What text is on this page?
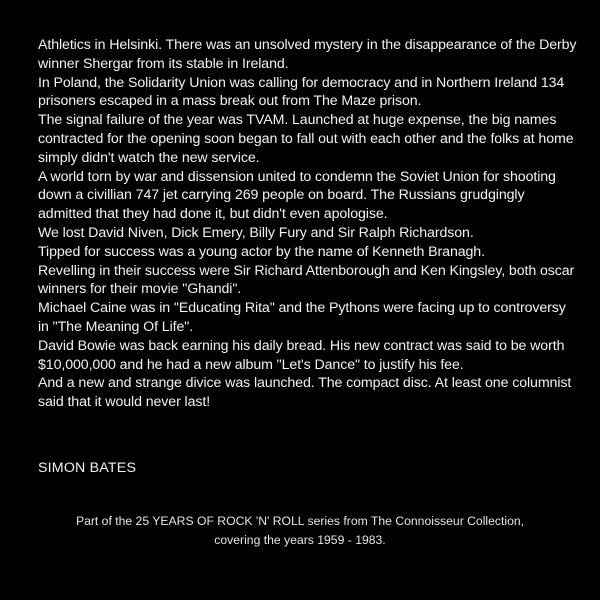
Athletics in Helsinki. There was an unsolved mystery in the disappearance of the Derby winner Shergar from its stable in Ireland.

In Poland, the Solidarity Union was calling for democracy and in Northern Ireland 134 prisoners escaped in a mass break out from The Maze prison.

The signal failure of the year was TVAM. Launched at huge expense, the big names contracted for the opening soon began to fall out with each other and the folks at home simply didn't watch the new service.

A world torn by war and dissension united to condemn the Soviet Union for shooting down a civillian 747 jet carrying 269 people on board. The Russians grudgingly admitted that they had done it, but didn't even apologise.

We lost David Niven, Dick Emery, Billy Fury and Sir Ralph Richardson.

Tipped for success was a young actor by the name of Kenneth Branagh.

Revelling in their success were Sir Richard Attenborough and Ken Kingsley, both oscar winners for their movie "Ghandi".

Michael Caine was in "Educating Rita" and the Pythons were facing up to controversy in "The Meaning Of Life".

David Bowie was back earning his daily bread. His new contract was said to be worth $10,000,000 and he had a new album "Let's Dance" to justify his fee.

And a new and strange divice was launched. The compact disc. At least one columnist said that it would never last!

SIMON BATES
Part of the 25 YEARS OF ROCK 'N' ROLL series from The Connoisseur Collection,
covering the years 1959 - 1983.
